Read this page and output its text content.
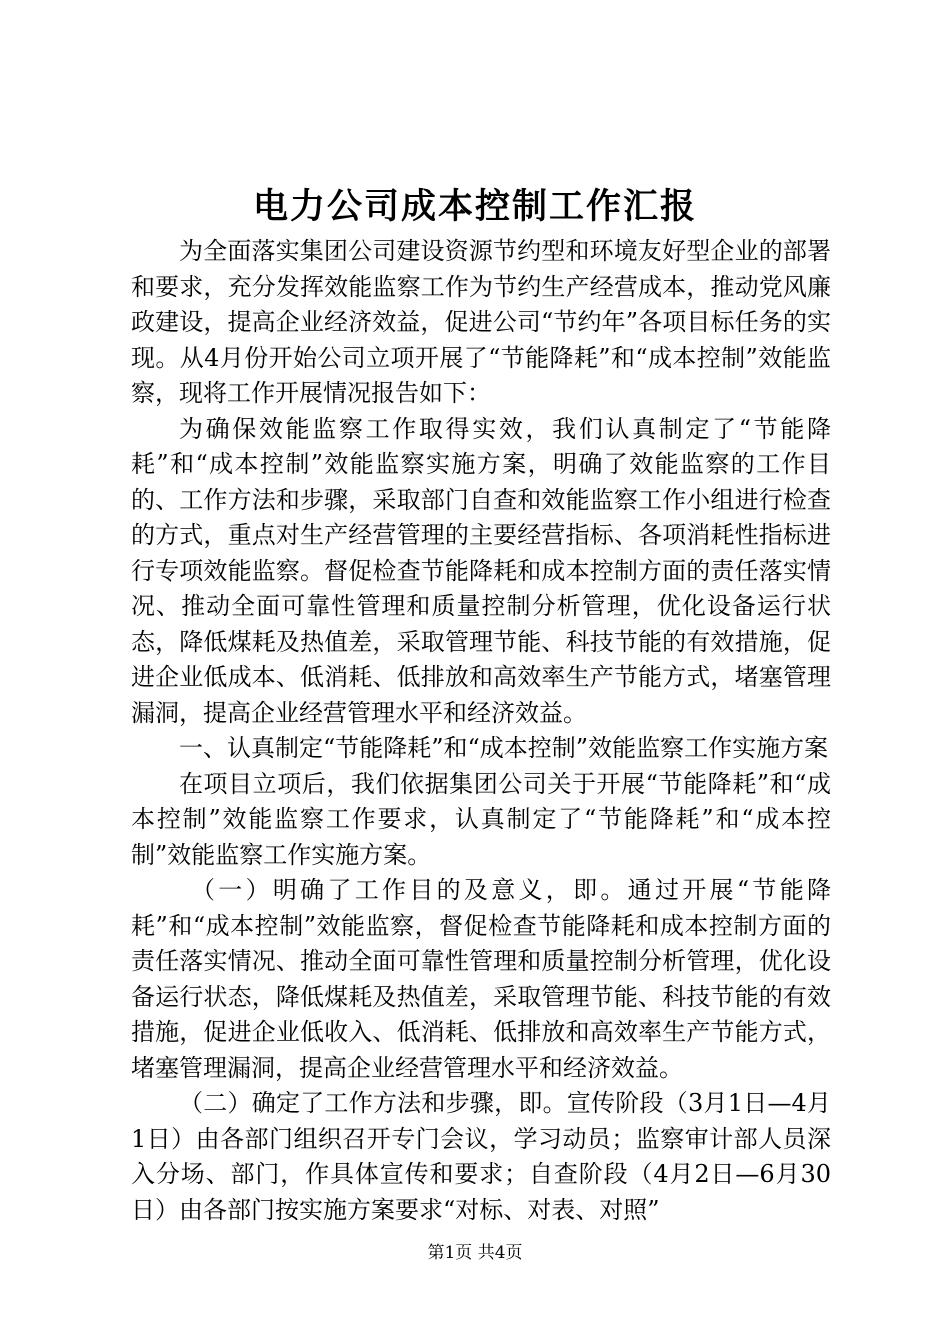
电力公司成本控制工作汇报

为全面落实集团公司建设资源节约型和环境友好型企业的部署和要求，充分发挥效能监察工作为节约生产经营成本，推动党风廉政建设，提高企业经济效益，促进公司“节约年”各项目标任务的实现。从4月份开始公司立项开展了“节能降耗”和“成本控制”效能监察，现将工作开展情况报告如下：

为确保效能监察工作取得实效，我们认真制定了“节能降耗”和“成本控制”效能监察实施方案，明确了效能监察的工作目的、工作方法和步骤，采取部门自查和效能监察工作小组进行检查的方式，重点对生产经营管理的主要经营指标、各项消耗性指标进行专项效能监察。督促检查节能降耗和成本控制方面的责任落实情况、推动全面可靠性管理和质量控制分析管理，优化设备运行状态，降低煤耗及热值差，采取管理节能、科技节能的有效措施，促进企业低成本、低消耗、低排放和高效率生产节能方式，堵塞管理漏洞，提高企业经营管理水平和经济效益。

一、认真制定“节能降耗”和“成本控制”效能监察工作实施方案

在项目立项后，我们依据集团公司关于开展“节能降耗”和“成本控制”效能监察工作要求，认真制定了“节能降耗”和“成本控制”效能监察工作实施方案。

（一）明确了工作目的及意义，即。通过开展“节能降耗”和“成本控制”效能监察，督促检查节能降耗和成本控制方面的责任落实情况、推动全面可靠性管理和质量控制分析管理，优化设备运行状态，降低煤耗及热值差，采取管理节能、科技节能的有效措施，促进企业低收入、低消耗、低排放和高效率生产节能方式，堵塞管理漏洞，提高企业经营管理水平和经济效益。

（二）确定了工作方法和步骤，即。宣传阶段（3月1日—4月1日）由各部门组织召开专门会议，学习动员；监察审计部人员深入分场、部门，作具体宣传和要求；自查阶段（4月2日—6月30日）由各部门按实施方案要求“对标、对表、对照”

第1页 共4页
